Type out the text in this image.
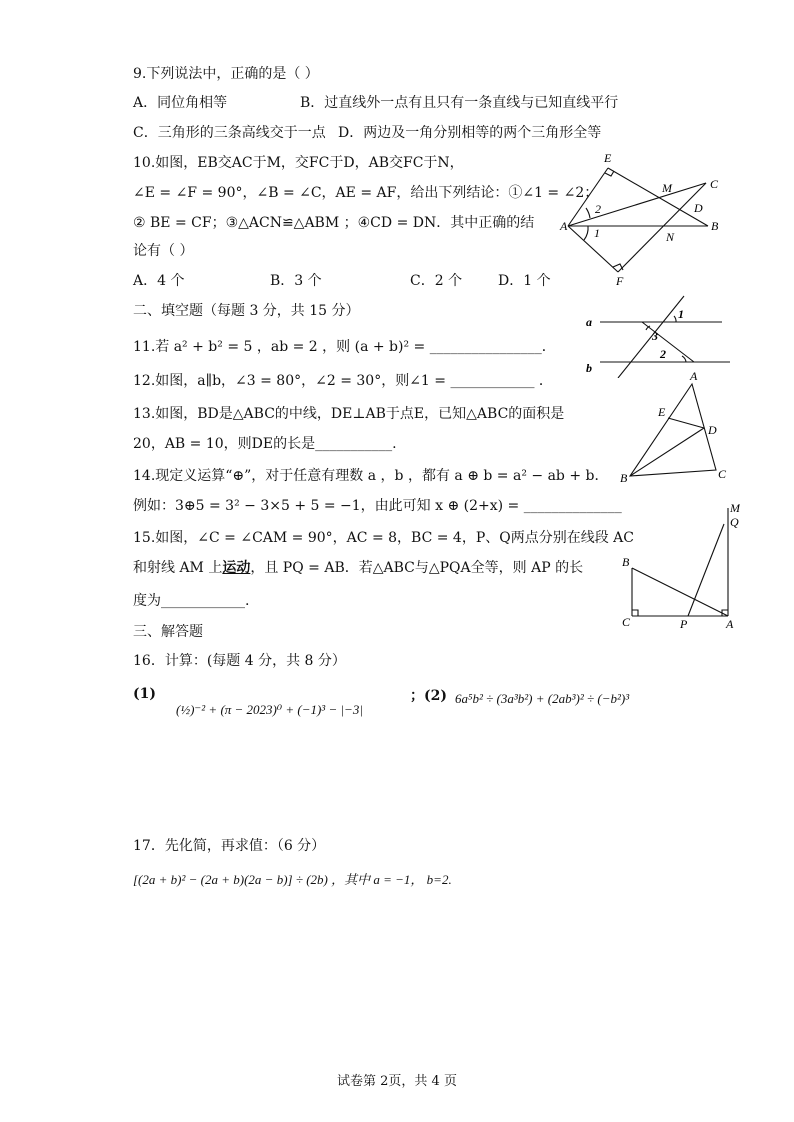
9.下列说法中，正确的是（ ）
A．同位角相等	B．过直线外一点有且只有一条直线与已知直线平行
C．三角形的三条高线交于一点 D．两边及一角分别相等的两个三角形全等
10.如图，EB交AC于M，交FC于D，AB交FC于N，
∠E = ∠F = 90°，∠B = ∠C，AE = AF，给出下列结论：①∠1 = ∠2；
② BE = CF；③△ACN≌△ABM ；④CD = DN．其中正确的结
论有（ ）
A．4 个	B．3 个	C．2 个	D．1 个
E
M	C
A
D
B
N
F
1
2
二、填空题（每题 3 分，共 15 分）
a
b
1
3
2
11.若 a² + b² = 5 ，ab = 2 ，则 (a + b)² = ________________．
12.如图，a∥b，∠3 = 80°，∠2 = 30°，则∠1 = ____________ ．
13.如图，BD是△ABC的中线，DE⊥AB于点E，已知△ABC的面积是
20，AB = 10，则DE的长是___________.
A
E
D
B	C
14.现定义运算“⊕”，对于任意有理数 a ，b ，都有 a ⊕ b = a² − ab + b．
例如：3⊕5 = 3² − 3×5 + 5 = −1，由此可知 x ⊕ (2+x) = ______________
15.如图，∠C = ∠CAM = 90°，AC = 8，BC = 4，P、Q两点分别在线段 AC
和射线 AM 上运动，且 PQ = AB．若△ABC与△PQA全等，则 AP 的长
度为____________.
M
Q
B
C	P	A
三、解答题
16．计算：(每题 4 分，共 8 分）
(1)
(½)⁻² + (π − 2023)⁰ + (−1)³ − |−3|
；(2) 6a⁵b² ÷ (3a³b²) + (2ab³)² ÷ (−b²)³
17．先化简，再求值：（6 分）
[(2a + b)² − (2a + b)(2a − b)] ÷ (2b) ，其中 a = −1， b=2.
试卷第 2页，共 4 页
